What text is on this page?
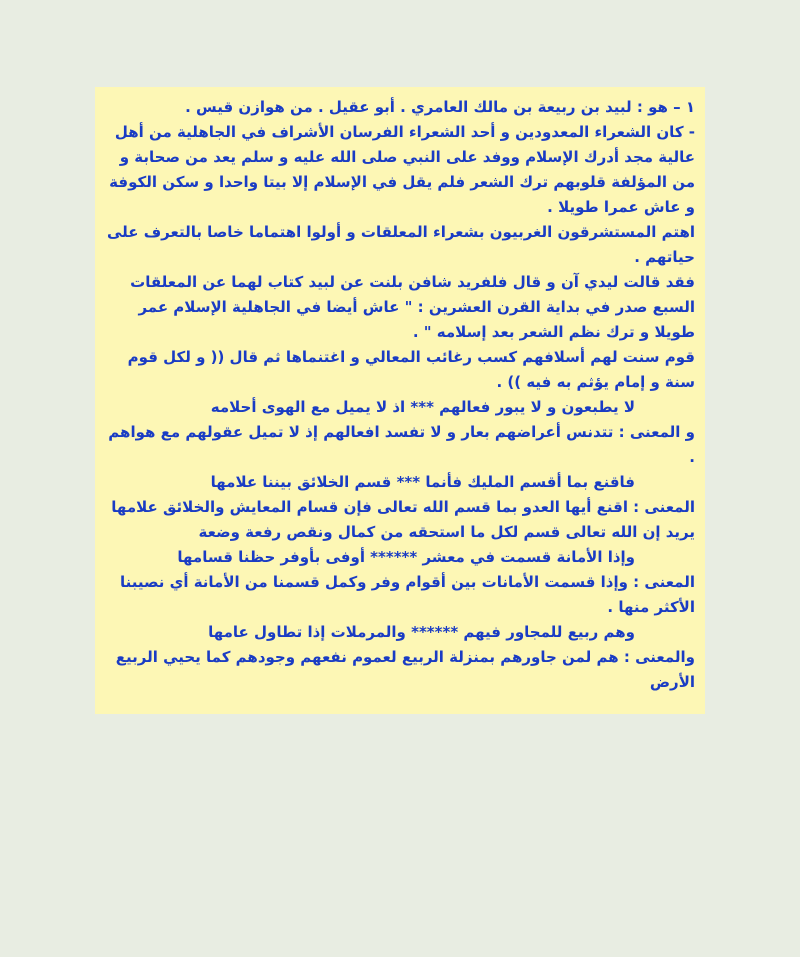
١ – هو : لبيد بن ربيعة بن مالك العامري . أبو عقيل . من هوازن قيس .

- كان الشعراء المعدودين و أحد الشعراء الفرسان الأشراف في الجاهلية من أهل عالية مجد أدرك الإسلام ووفد على النبي صلى الله عليه و سلم يعد من صحابة و من المؤلفة قلوبهم ترك الشعر فلم يقل في الإسلام إلا بيتا واحدا و سكن الكوفة و عاش عمرا طويلا .

اهتم المستشرقون الغربيون بشعراء المعلقات و أولوا اهتماما خاصا بالتعرف على حياتهم .

فقد قالت ليدي آن و قال فلفريد شافن بلنت عن لبيد كتاب لهما عن المعلقات السبع صدر في بداية القرن العشرين : " عاش أيضا في الجاهلية الإسلام عمر طويلا و ترك نظم الشعر بعد إسلامه " .

قوم سنت لهم أسلافهم كسب رغائب المعالي و اغتنماها ثم قال (( و لكل قوم سنة و إمام يؤثم به فيه )) .

لا يطبعون و لا يبور فعالهم *** اذ لا يميل مع الهوى أحلامه

و المعنى : تتدنس أعراضهم بعار و لا تفسد افعالهم إذ لا تميل عقولهم مع هواهم .

فاقنع بما أقسم المليك فأنما *** قسم الخلائق بيننا علامها

المعنى : اقنع أيها العدو بما قسم الله تعالى فإن قسام المعايش والخلائق علامها يريد إن الله تعالى قسم لكل ما استحقه من كمال ونقص رفعة وضعة

وإذا الأمانة قسمت في معشر ****** أوفى بأوفر حظنا قسامها

المعنى : وإذا قسمت الأمانات بين أقوام وفر وكمل قسمنا من الأمانة أي نصيبنا الأكثر منها .

وهم ربيع للمجاور فيهم ****** والمرملات إذا تطاول عامها

والمعنى : هم لمن جاورهم بمنزلة الربيع لعموم نفعهم وجودهم كما يحيي الربيع الأرض
